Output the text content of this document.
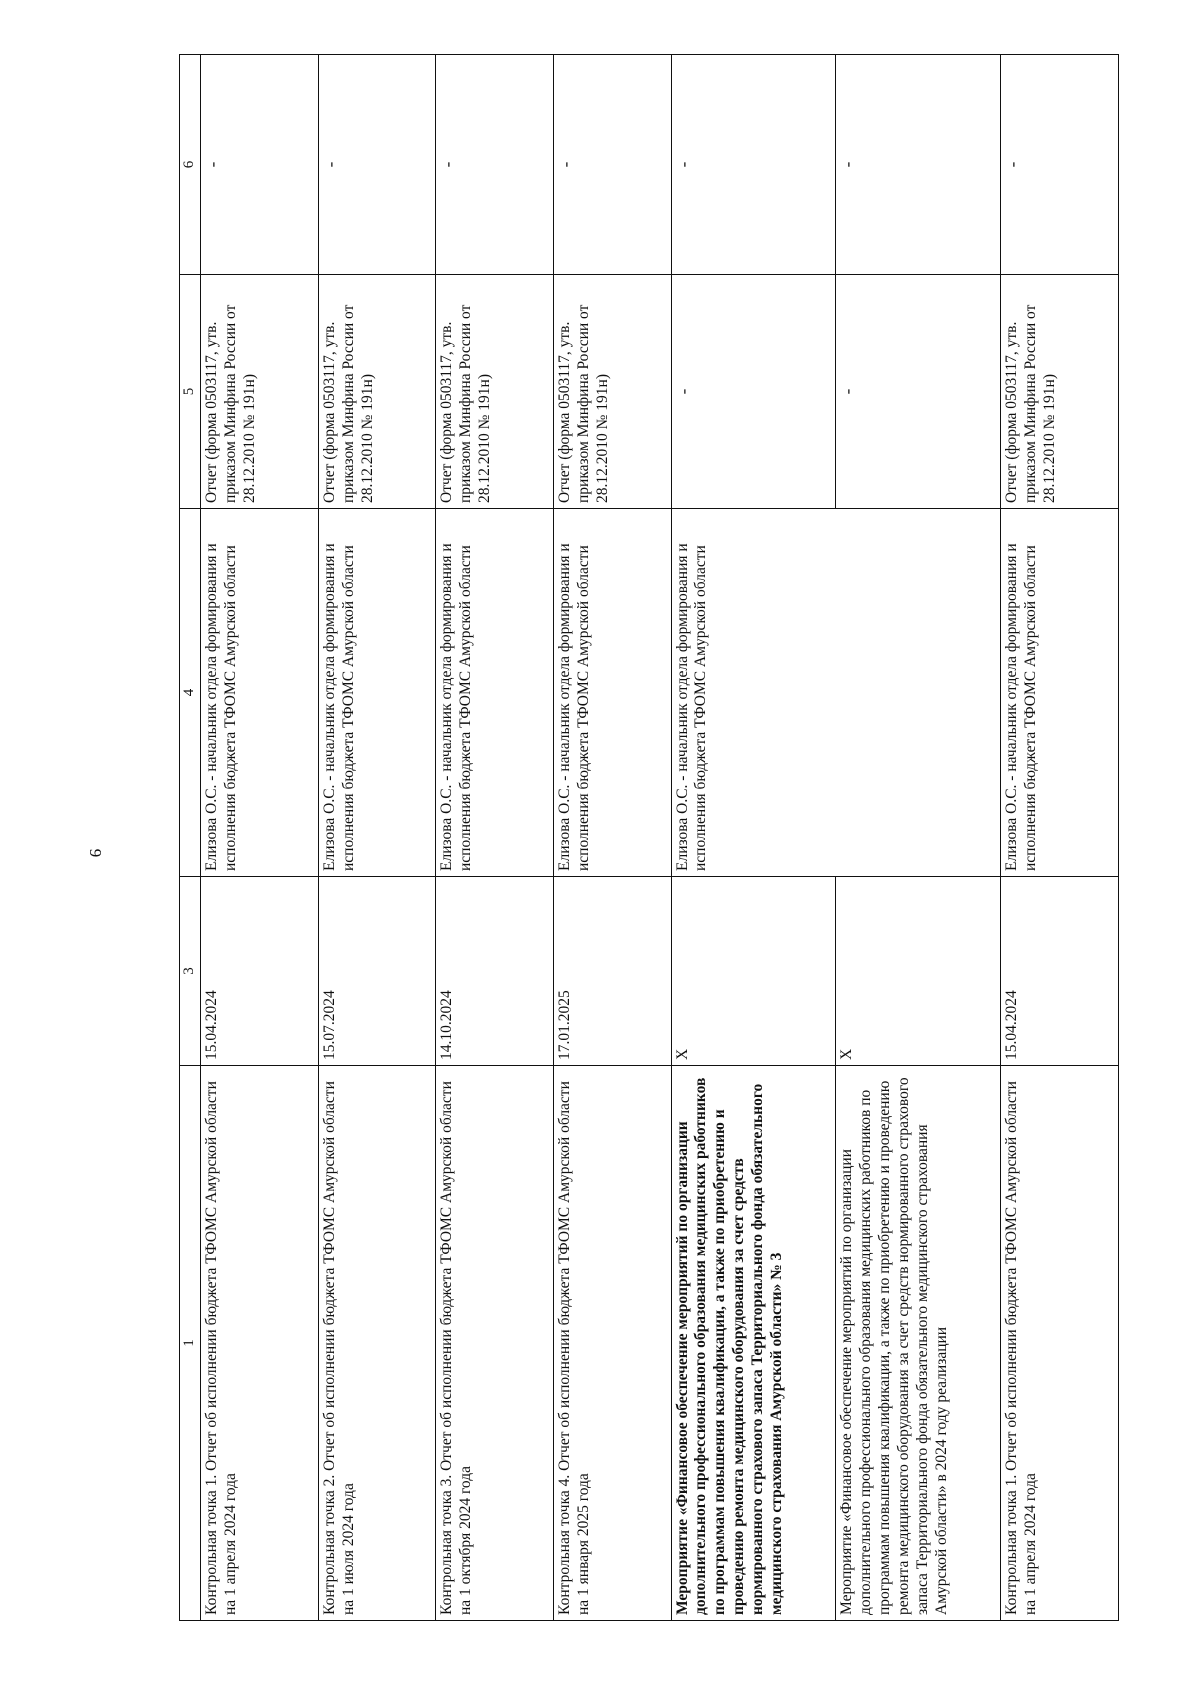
9
1	3	4	5	6
Контрольная точка 1. Отчет об исполнении бюджета ТФОМС Амурской области на 1 апреля 2024 года	15.04.2024	Елизова О.С. - начальник отдела формирования и исполнения бюджета ТФОМС Амурской области	Отчет (форма 0503117, утв. приказом Минфина России от 28.12.2010 № 191н)	-
Контрольная точка 2. Отчет об исполнении бюджета ТФОМС Амурской области на 1 июля 2024 года	15.07.2024	Елизова О.С. - начальник отдела формирования и исполнения бюджета ТФОМС Амурской области	Отчет (форма 0503117, утв. приказом Минфина России от 28.12.2010 № 191н)	-
Контрольная точка 3. Отчет об исполнении бюджета ТФОМС Амурской области на 1 октября 2024 года	14.10.2024	Елизова О.С. - начальник отдела формирования и исполнения бюджета ТФОМС Амурской области	Отчет (форма 0503117, утв. приказом Минфина России от 28.12.2010 № 191н)	-
Контрольная точка 4. Отчет об исполнении бюджета ТФОМС Амурской области на 1 января 2025 года	17.01.2025	Елизова О.С. - начальник отдела формирования и исполнения бюджета ТФОМС Амурской области	Отчет (форма 0503117, утв. приказом Минфина России от 28.12.2010 № 191н)	-
Мероприятие «Финансовое обеспечение мероприятий по организации дополнительного профессионального образования медицинских работников по программам повышения квалификации, а также по приобретению и проведению ремонта медицинского оборудования за счет средств нормированного страхового запаса Территориального фонда обязательного медицинского страхования Амурской области» № 3	Х	Елизова О.С. - начальник отдела формирования и исполнения бюджета ТФОМС Амурской области	-	-
Мероприятие «Финансовое обеспечение мероприятий по организации дополнительного профессионального образования медицинских работников по программам повышения квалификации, а также по приобретению и проведению ремонта медицинского оборудования за счет средств нормированного страхового запаса Территориального фонда обязательного медицинского страхования Амурской области» в 2024 году реализации	Х		-	-
Контрольная точка 1. Отчет об исполнении бюджета ТФОМС Амурской области на 1 апреля 2024 года	15.04.2024	Елизова О.С. - начальник отдела формирования и исполнения бюджета ТФОМС Амурской области	Отчет (форма 0503117, утв. приказом Минфина России от 28.12.2010 № 191н)	-
